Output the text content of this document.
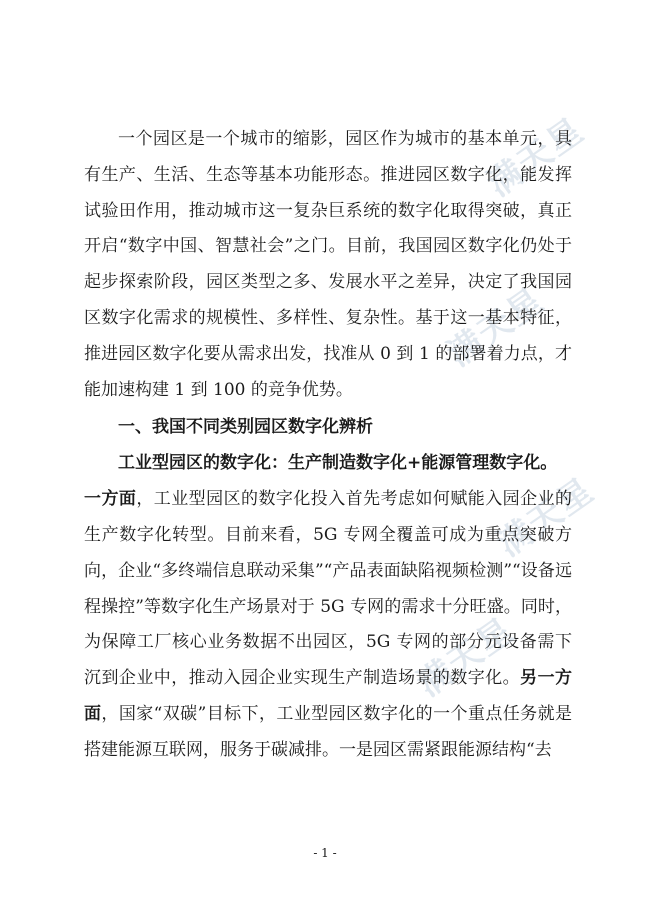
满天星
满天星
满天星
满天星

一个园区是一个城市的缩影，园区作为城市的基本单元，具有生产、生活、生态等基本功能形态。推进园区数字化，能发挥试验田作用，推动城市这一复杂巨系统的数字化取得突破，真正开启“数字中国、智慧社会”之门。目前，我国园区数字化仍处于起步探索阶段，园区类型之多、发展水平之差异，决定了我国园区数字化需求的规模性、多样性、复杂性。基于这一基本特征，推进园区数字化要从需求出发，找准从 0 到 1 的部署着力点，才能加速构建 1 到 100 的竞争优势。

一、我国不同类别园区数字化辨析

工业型园区的数字化：生产制造数字化+能源管理数字化。

一方面，工业型园区的数字化投入首先考虑如何赋能入园企业的生产数字化转型。目前来看，5G 专网全覆盖可成为重点突破方向，企业“多终端信息联动采集”“产品表面缺陷视频检测”“设备远程操控”等数字化生产场景对于 5G 专网的需求十分旺盛。同时，为保障工厂核心业务数据不出园区，5G 专网的部分元设备需下沉到企业中，推动入园企业实现生产制造场景的数字化。另一方面，国家“双碳”目标下，工业型园区数字化的一个重点任务就是搭建能源互联网，服务于碳减排。一是园区需紧跟能源结构“去

- 1 -
